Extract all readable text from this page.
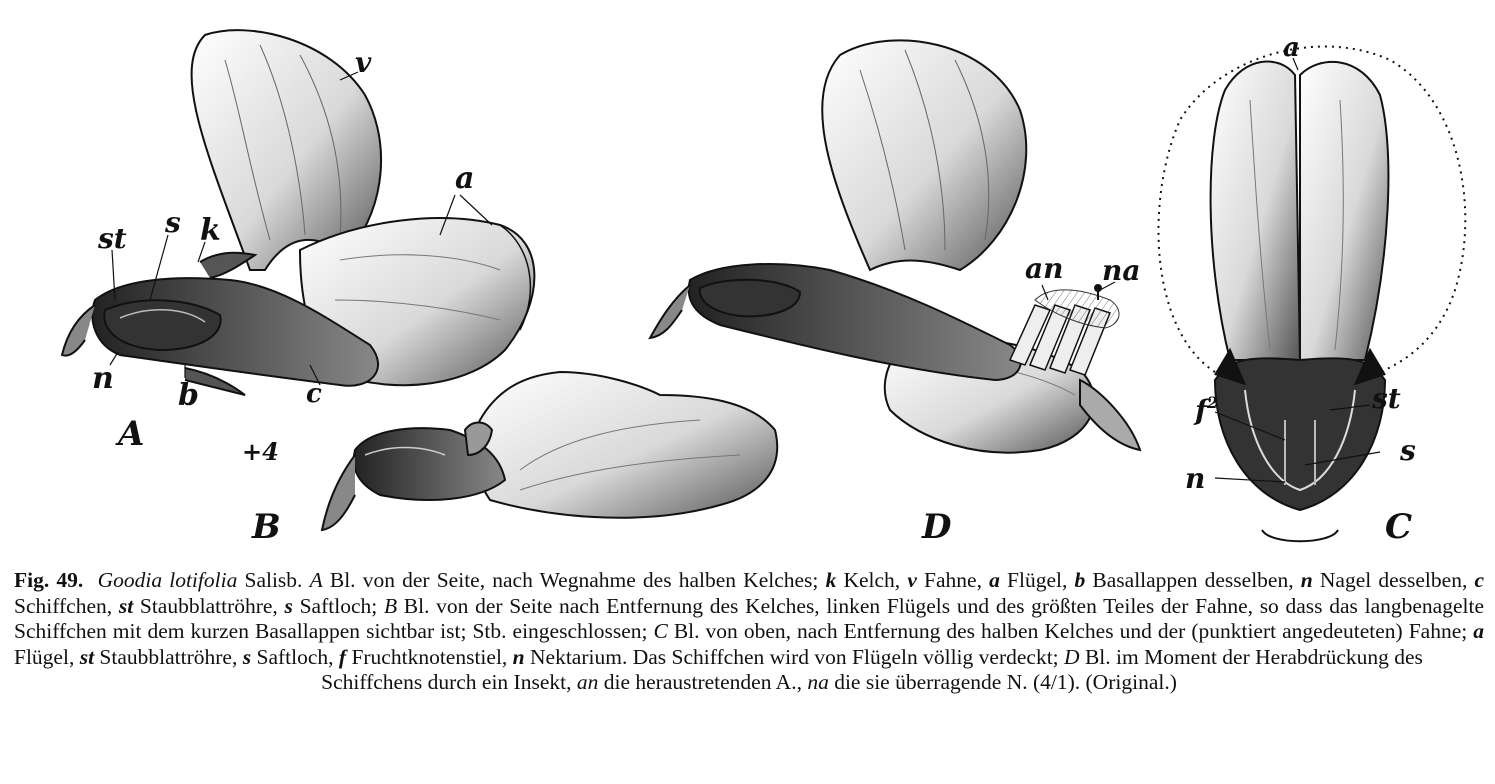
v
a
st s k
n b	c
+4
an na
a
$f^2$	st
s
n
A
B	D	C

Fig. 49. Goodia lotifolia Salisb. A Bl. von der Seite, nach Wegnahme des halben Kelches; k Kelch, v Fahne, a Flügel, b Basallappen desselben, n Nagel desselben, c Schiffchen, st Staubblattröhre, s Saftloch; B Bl. von der Seite nach Entfernung des Kelches, linken Flügels und des größten Teiles der Fahne, so dass das langbenagelte Schiffchen mit dem kurzen Basallappen sichtbar ist; Stb. eingeschlossen; C Bl. von oben, nach Entfernung des halben Kelches und der (punktiert angedeuteten) Fahne; a Flügel, st Staubblattröhre, s Saftloch, f Fruchtknotenstiel, n Nektarium. Das Schiffchen wird von Flügeln völlig verdeckt; D Bl. im Moment der Herabdrückung des
Schiffchens durch ein Insekt, an die heraustretenden A., na die sie überragende N. (4/1). (Original.)
